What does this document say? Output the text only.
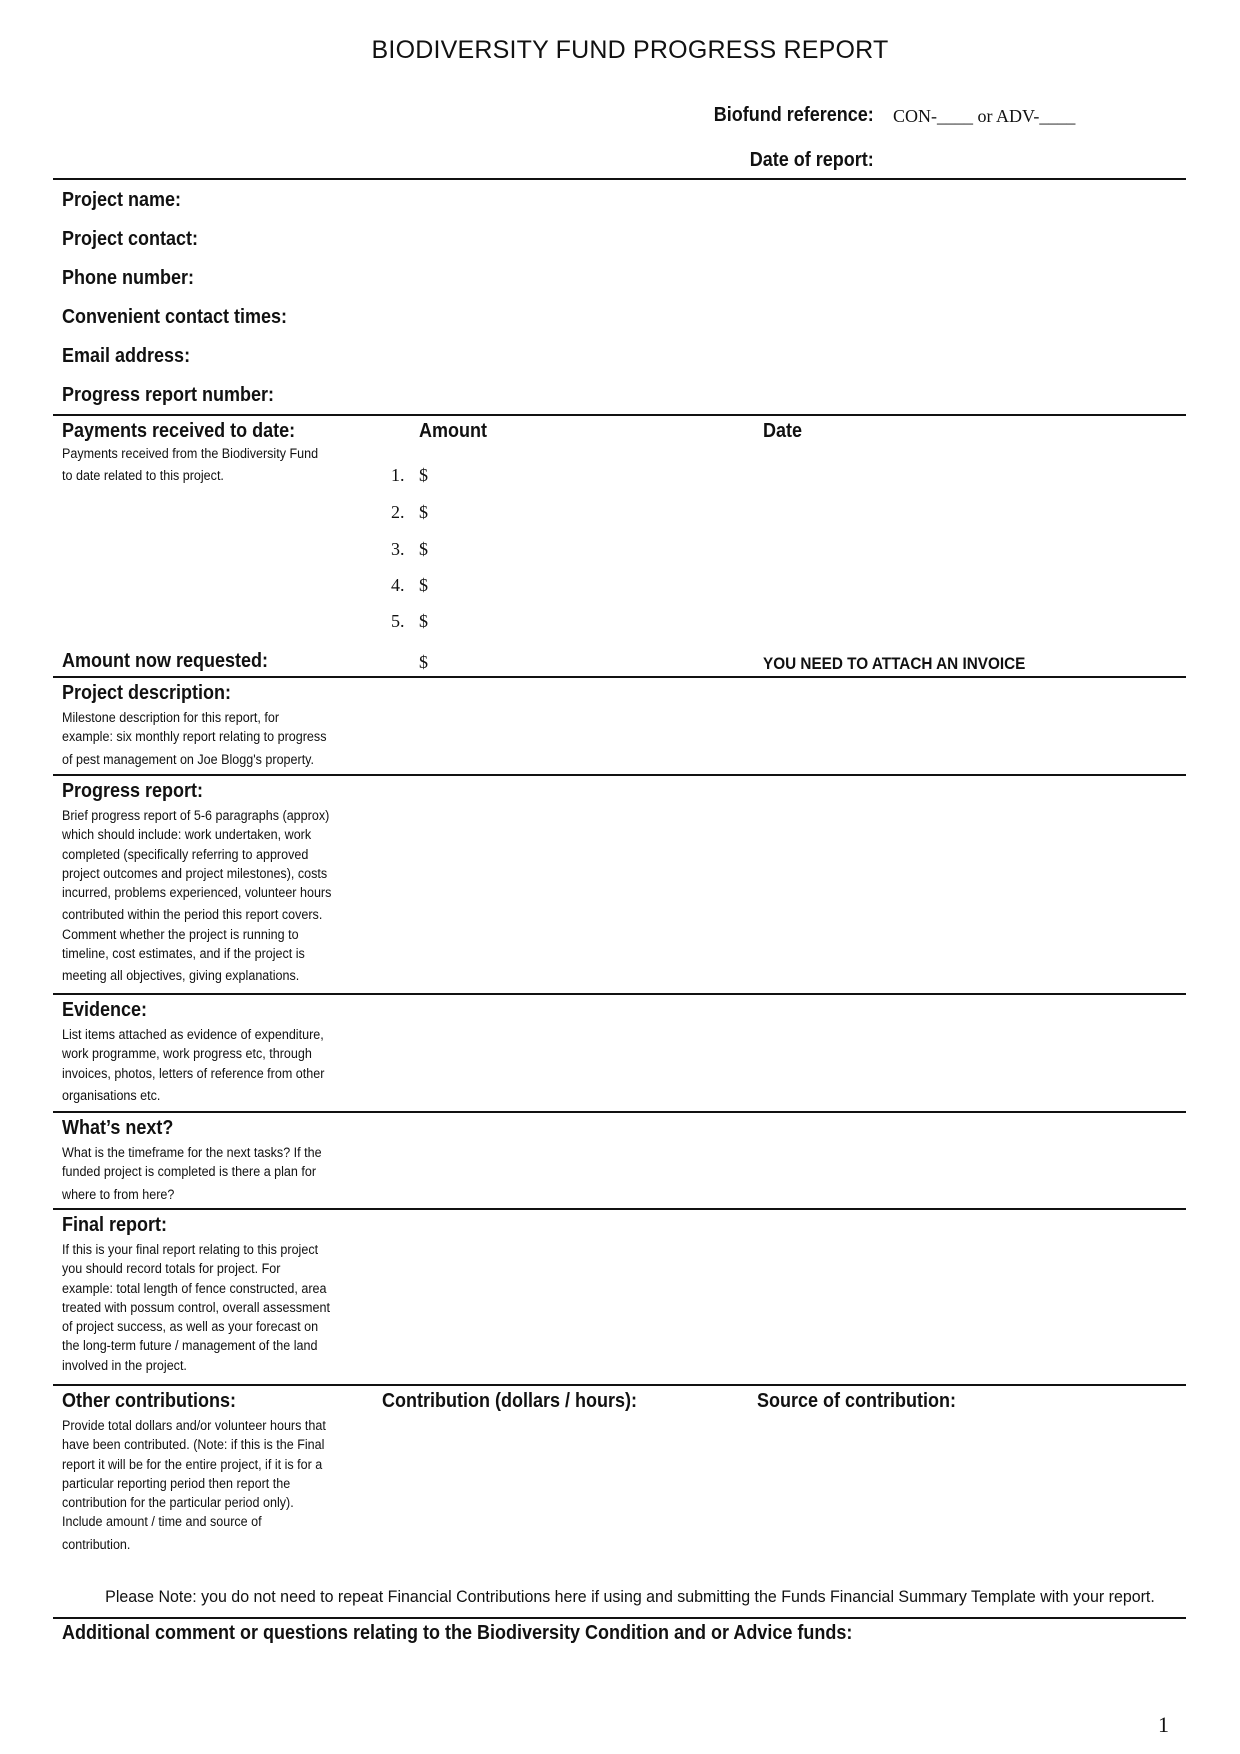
BIODIVERSITY FUND PROGRESS REPORT
Biofund reference: CON-____ or ADV-____
Date of report:
Project name:
Project contact:
Phone number:
Convenient contact times:
Email address:
Progress report number:
Payments received to date:
Payments received from the Biodiversity Fund
to date related to this project.
Amount	Date
1. $
2. $
3. $
4. $
5. $
Amount now requested:	$	YOU NEED TO ATTACH AN INVOICE
Project description:
Milestone description for this report, for
example: six monthly report relating to progress
of pest management on Joe Blogg's property.
Progress report:
Brief progress report of 5-6 paragraphs (approx)
which should include: work undertaken, work
completed (specifically referring to approved
project outcomes and project milestones), costs
incurred, problems experienced, volunteer hours
contributed within the period this report covers.
Comment whether the project is running to
timeline, cost estimates, and if the project is
meeting all objectives, giving explanations.
Evidence:
List items attached as evidence of expenditure,
work programme, work progress etc, through
invoices, photos, letters of reference from other
organisations etc.
What’s next?
What is the timeframe for the next tasks? If the
funded project is completed is there a plan for
where to from here?
Final report:
If this is your final report relating to this project
you should record totals for project. For
example: total length of fence constructed, area
treated with possum control, overall assessment
of project success, as well as your forecast on
the long-term future / management of the land
involved in the project.
Other contributions:	Contribution (dollars / hours):	Source of contribution:
Provide total dollars and/or volunteer hours that
have been contributed. (Note: if this is the Final
report it will be for the entire project, if it is for a
particular reporting period then report the
contribution for the particular period only).
Include amount / time and source of
contribution.
Please Note: you do not need to repeat Financial Contributions here if using and submitting the Funds Financial Summary Template with your report.
Additional comment or questions relating to the Biodiversity Condition and or Advice funds:
1
